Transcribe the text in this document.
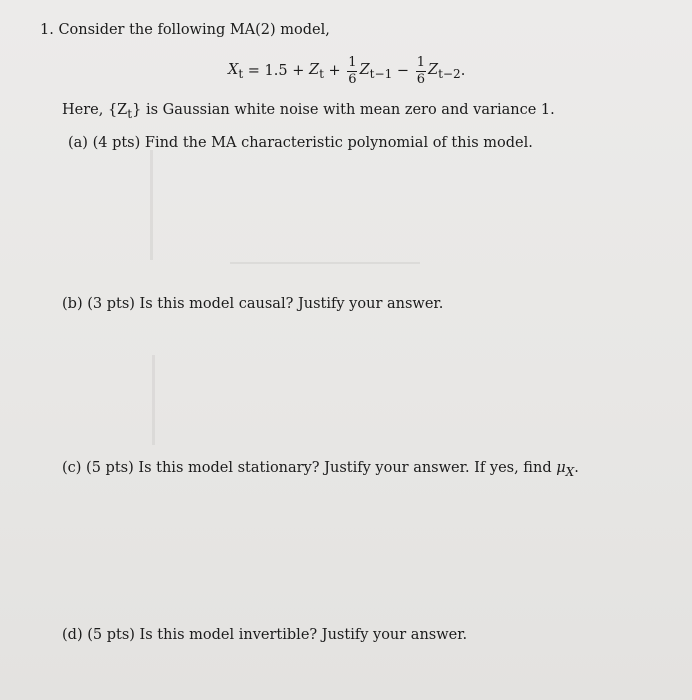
1. Consider the following MA(2) model,
$X_t = 1.5 + Z_t + \frac{1}{6} Z_{t-1} - \frac{1}{6} Z_{t-2}$ .
Here, $\{Z_t\}$ is Gaussian white noise with mean zero and variance 1.
(a) (4 pts) Find the MA characteristic polynomial of this model.
(b) (3 pts) Is this model causal? Justify your answer.
(c) (5 pts) Is this model stationary? Justify your answer. If yes, find $\mu_X$.
(d) (5 pts) Is this model invertible? Justify your answer.
